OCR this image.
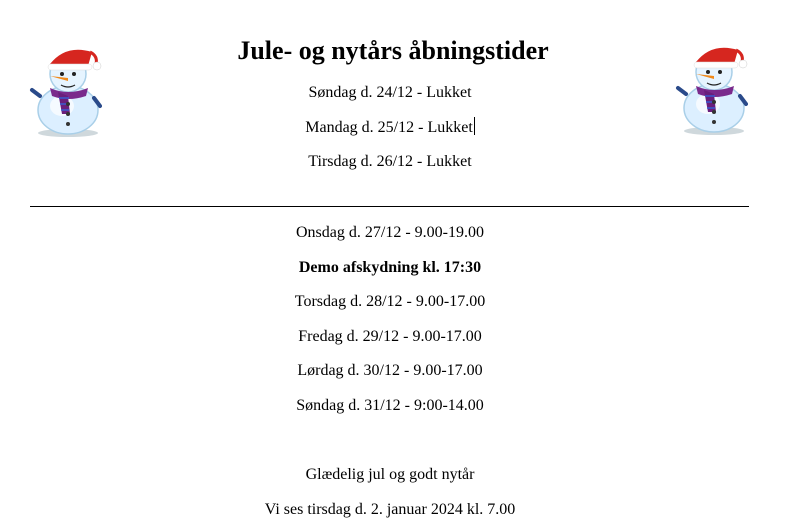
Jule- og nytårs åbningstider

Søndag d. 24/12 - Lukket

Mandag d. 25/12 - Lukket

Tirsdag d. 26/12 - Lukket

Onsdag d. 27/12 - 9.00-19.00

Demo afskydning kl. 17:30

Torsdag d. 28/12 - 9.00-17.00

Fredag d. 29/12 - 9.00-17.00

Lørdag d. 30/12 - 9.00-17.00

Søndag d. 31/12 - 9:00-14.00

Glædelig jul og godt nytår

Vi ses tirsdag d. 2. januar 2024 kl. 7.00
